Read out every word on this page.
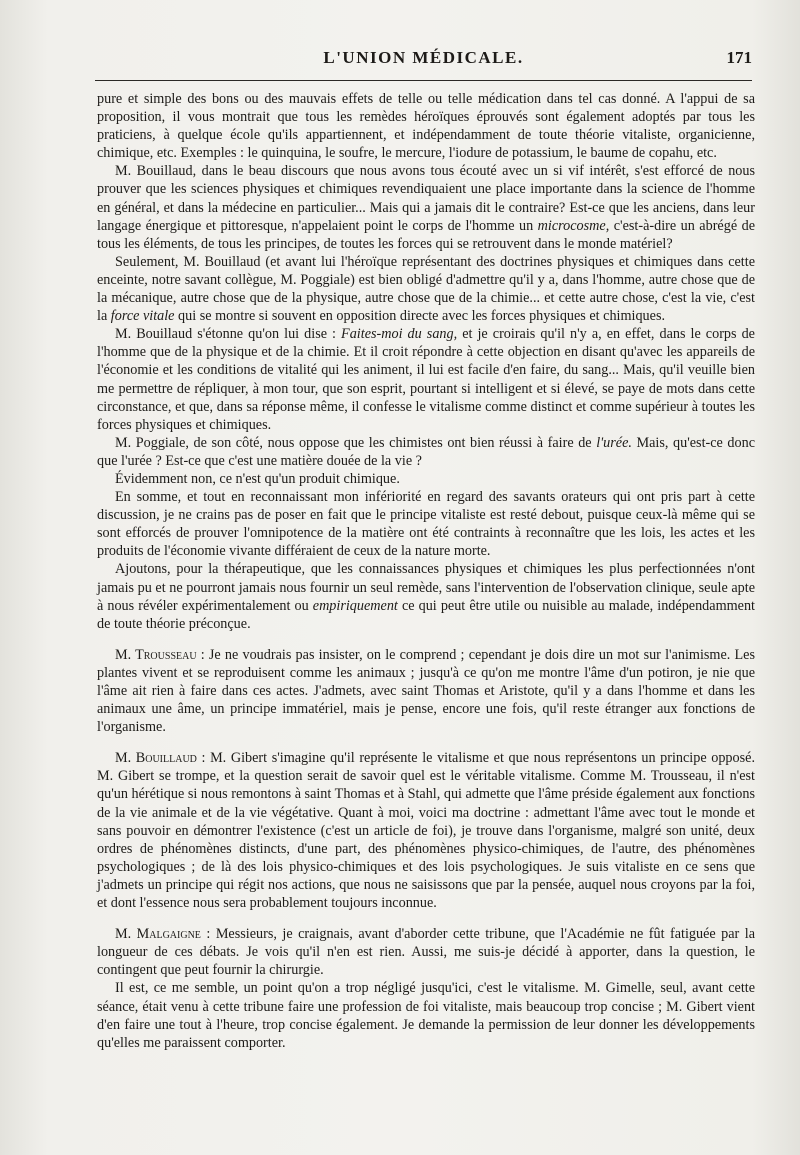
L'UNION MÉDICALE.	171

pure et simple des bons ou des mauvais effets de telle ou telle médication dans tel cas donné. A l'appui de sa proposition, il vous montrait que tous les remèdes héroïques éprouvés sont également adoptés par tous les praticiens, à quelque école qu'ils appartiennent, et indépendamment de toute théorie vitaliste, organicienne, chimique, etc. Exemples : le quinquina, le soufre, le mercure, l'iodure de potassium, le baume de copahu, etc.

M. Bouillaud, dans le beau discours que nous avons tous écouté avec un si vif intérêt, s'est efforcé de nous prouver que les sciences physiques et chimiques revendiquaient une place importante dans la science de l'homme en général, et dans la médecine en particulier... Mais qui a jamais dit le contraire? Est-ce que les anciens, dans leur langage énergique et pittoresque, n'appelaient point le corps de l'homme un microcosme, c'est-à-dire un abrégé de tous les éléments, de tous les principes, de toutes les forces qui se retrouvent dans le monde matériel?

Seulement, M. Bouillaud (et avant lui l'héroïque représentant des doctrines physiques et chimiques dans cette enceinte, notre savant collègue, M. Poggiale) est bien obligé d'admettre qu'il y a, dans l'homme, autre chose que de la mécanique, autre chose que de la physique, autre chose que de la chimie... et cette autre chose, c'est la vie, c'est la force vitale qui se montre si souvent en opposition directe avec les forces physiques et chimiques.

M. Bouillaud s'étonne qu'on lui dise : Faites-moi du sang, et je croirais qu'il n'y a, en effet, dans le corps de l'homme que de la physique et de la chimie. Et il croit répondre à cette objection en disant qu'avec les appareils de l'économie et les conditions de vitalité qui les animent, il lui est facile d'en faire, du sang... Mais, qu'il veuille bien me permettre de répliquer, à mon tour, que son esprit, pourtant si intelligent et si élevé, se paye de mots dans cette circonstance, et que, dans sa réponse même, il confesse le vitalisme comme distinct et comme supérieur à toutes les forces physiques et chimiques.

M. Poggiale, de son côté, nous oppose que les chimistes ont bien réussi à faire de l'urée. Mais, qu'est-ce donc que l'urée ? Est-ce que c'est une matière douée de la vie ?

Évidemment non, ce n'est qu'un produit chimique.

En somme, et tout en reconnaissant mon infériorité en regard des savants orateurs qui ont pris part à cette discussion, je ne crains pas de poser en fait que le principe vitaliste est resté debout, puisque ceux-là même qui se sont efforcés de prouver l'omnipotence de la matière ont été contraints à reconnaître que les lois, les actes et les produits de l'économie vivante différaient de ceux de la nature morte.

Ajoutons, pour la thérapeutique, que les connaissances physiques et chimiques les plus perfectionnées n'ont jamais pu et ne pourront jamais nous fournir un seul remède, sans l'intervention de l'observation clinique, seule apte à nous révéler expérimentalement ou empiriquement ce qui peut être utile ou nuisible au malade, indépendamment de toute théorie préconçue.

M. Trousseau : Je ne voudrais pas insister, on le comprend ; cependant je dois dire un mot sur l'animisme. Les plantes vivent et se reproduisent comme les animaux ; jusqu'à ce qu'on me montre l'âme d'un potiron, je nie que l'âme ait rien à faire dans ces actes. J'admets, avec saint Thomas et Aristote, qu'il y a dans l'homme et dans les animaux une âme, un principe immatériel, mais je pense, encore une fois, qu'il reste étranger aux fonctions de l'organisme.

M. Bouillaud : M. Gibert s'imagine qu'il représente le vitalisme et que nous représentons un principe opposé. M. Gibert se trompe, et la question serait de savoir quel est le véritable vitalisme. Comme M. Trousseau, il n'est qu'un hérétique si nous remontons à saint Thomas et à Stahl, qui admette que l'âme préside également aux fonctions de la vie animale et de la vie végétative. Quant à moi, voici ma doctrine : admettant l'âme avec tout le monde et sans pouvoir en démontrer l'existence (c'est un article de foi), je trouve dans l'organisme, malgré son unité, deux ordres de phénomènes distincts, d'une part, des phénomènes physico-chimiques, de l'autre, des phénomènes psychologiques ; de là des lois physico-chimiques et des lois psychologiques. Je suis vitaliste en ce sens que j'admets un principe qui régit nos actions, que nous ne saisissons que par la pensée, auquel nous croyons par la foi, et dont l'essence nous sera probablement toujours inconnue.

M. Malgaigne : Messieurs, je craignais, avant d'aborder cette tribune, que l'Académie ne fût fatiguée par la longueur de ces débats. Je vois qu'il n'en est rien. Aussi, me suis-je décidé à apporter, dans la question, le contingent que peut fournir la chirurgie.

Il est, ce me semble, un point qu'on a trop négligé jusqu'ici, c'est le vitalisme. M. Gimelle, seul, avant cette séance, était venu à cette tribune faire une profession de foi vitaliste, mais beaucoup trop concise ; M. Gibert vient d'en faire une tout à l'heure, trop concise également. Je demande la permission de leur donner les développements qu'elles me paraissent comporter.
